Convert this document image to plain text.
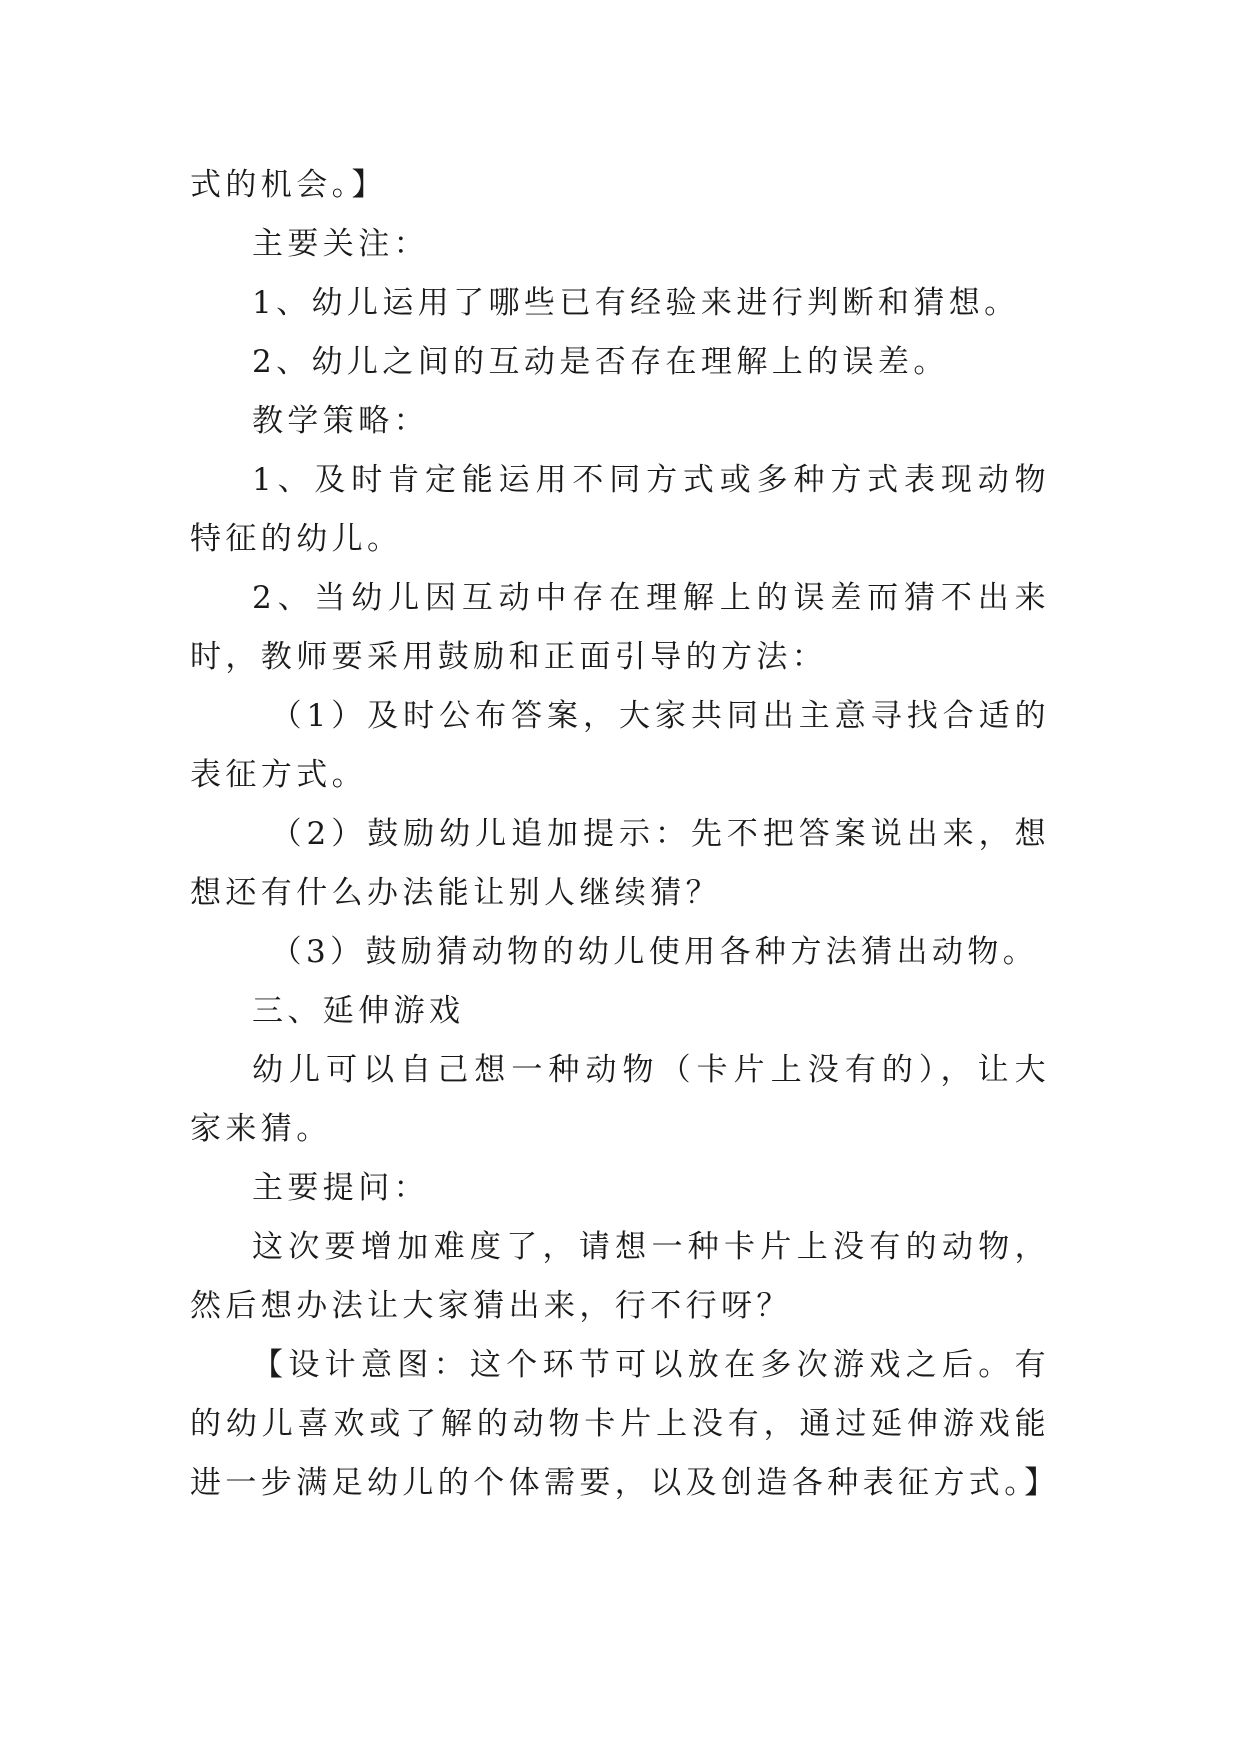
式的机会。】

主要关注：

1、幼儿运用了哪些已有经验来进行判断和猜想。

2、幼儿之间的互动是否存在理解上的误差。

教学策略：

1、及时肯定能运用不同方式或多种方式表现动物特征的幼儿。

2、当幼儿因互动中存在理解上的误差而猜不出来时，教师要采用鼓励和正面引导的方法：

（1）及时公布答案，大家共同出主意寻找合适的表征方式。

（2）鼓励幼儿追加提示：先不把答案说出来，想想还有什么办法能让别人继续猜？

（3）鼓励猜动物的幼儿使用各种方法猜出动物。

三、延伸游戏

幼儿可以自己想一种动物（卡片上没有的），让大家来猜。

主要提问：

这次要增加难度了，请想一种卡片上没有的动物，然后想办法让大家猜出来，行不行呀？

【设计意图：这个环节可以放在多次游戏之后。有的幼儿喜欢或了解的动物卡片上没有，通过延伸游戏能进一步满足幼儿的个体需要，以及创造各种表征方式。】
